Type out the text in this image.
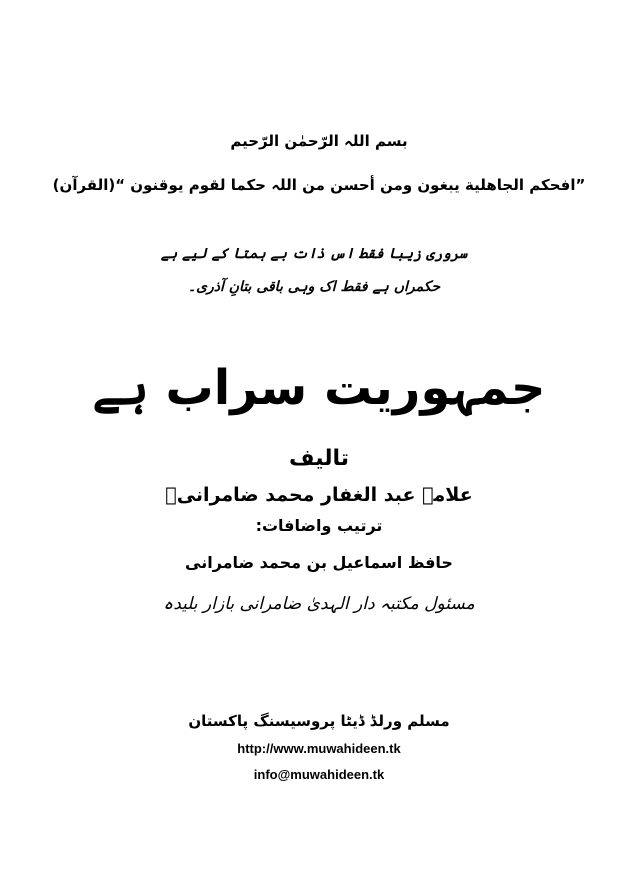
بسم اللہ الرّحمٰن الرّحیم
”افحکم الجاھلیة یبغون ومن أحسن من اللہ حکما لقوم یوقنون “(القرآن)
سروری زیبا فقط اس ذات بے ہمتا کے لیے ہے
حکمراں ہے فقط اک وہی باقی بتانِ آذری۔
جمہوریت سراب ہے
تالیف
علامہ عبد الغفار محمد ضامرانیؒ
ترتیب واضافات:
حافظ اسماعیل بن محمد ضامرانی
مسئول مکتبہ دار الہدیٰ ضامرانی بازار بلیدہ
مسلم ورلڈ ڈیٹا پروسیسنگ پاکستان
http://www.muwahideen.tk
info@muwahideen.tk
